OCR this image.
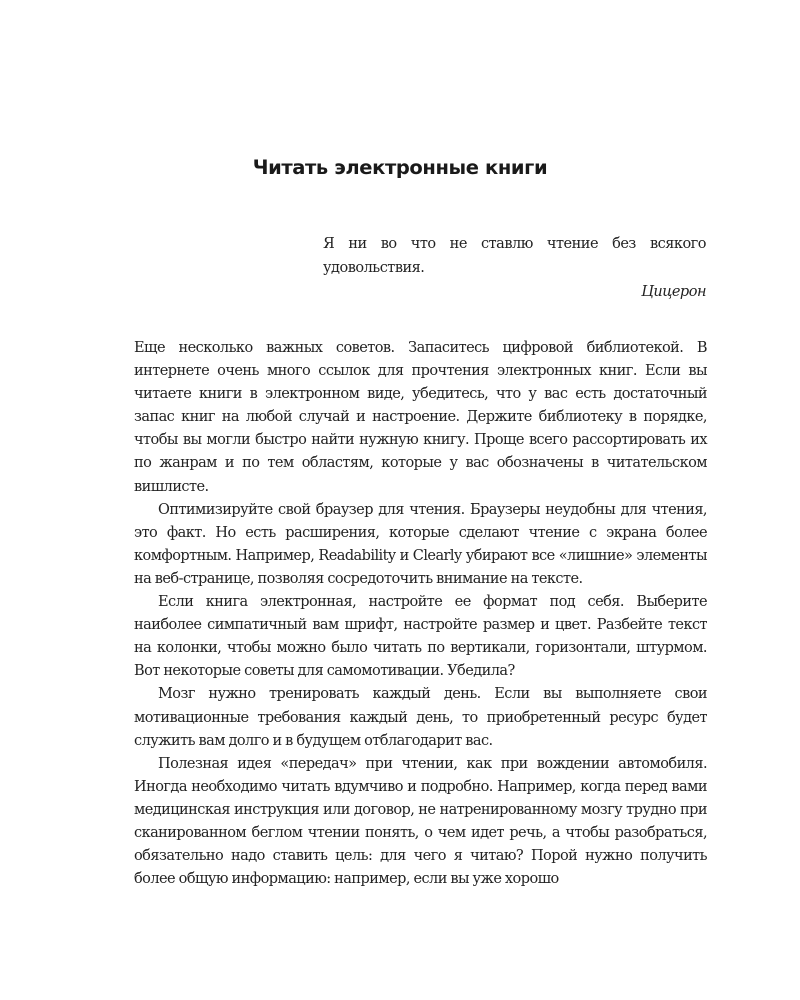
Читать электронные книги

Я ни во что не ставлю чтение без всякого удовольствия.

Цицерон

Еще несколько важных советов. Запаситесь цифровой библиотекой. В интернете очень много ссылок для прочтения электронных книг. Если вы читаете книги в электронном виде, убедитесь, что у вас есть достаточный запас книг на любой случай и настроение. Держите библиотеку в порядке, чтобы вы могли быстро найти нужную книгу. Проще всего рассортировать их по жанрам и по тем областям, которые у вас обозначены в читательском вишлисте.

Оптимизируйте свой браузер для чтения. Браузеры неудобны для чтения, это факт. Но есть расширения, которые сделают чтение с экрана более комфортным. Например, Readability и Clearly убирают все «лишние» элементы на веб-странице, позволяя сосредоточить внимание на тексте.

Если книга электронная, настройте ее формат под себя. Выберите наиболее симпатичный вам шрифт, настройте размер и цвет. Разбейте текст на колонки, чтобы можно было читать по вертикали, горизонтали, штурмом. Вот некоторые советы для самомотивации. Убедила?

Мозг нужно тренировать каждый день. Если вы выполняете свои мотивационные требования каждый день, то приобретенный ресурс будет служить вам долго и в будущем отблагодарит вас.

Полезная идея «передач» при чтении, как при вождении автомобиля. Иногда необходимо читать вдумчиво и подробно. Например, когда перед вами медицинская инструкция или договор, не натренированному мозгу трудно при сканированном беглом чтении понять, о чем идет речь, а чтобы разобраться, обязательно надо ставить цель: для чего я читаю? Порой нужно получить более общую информацию: например, если вы уже хорошо
